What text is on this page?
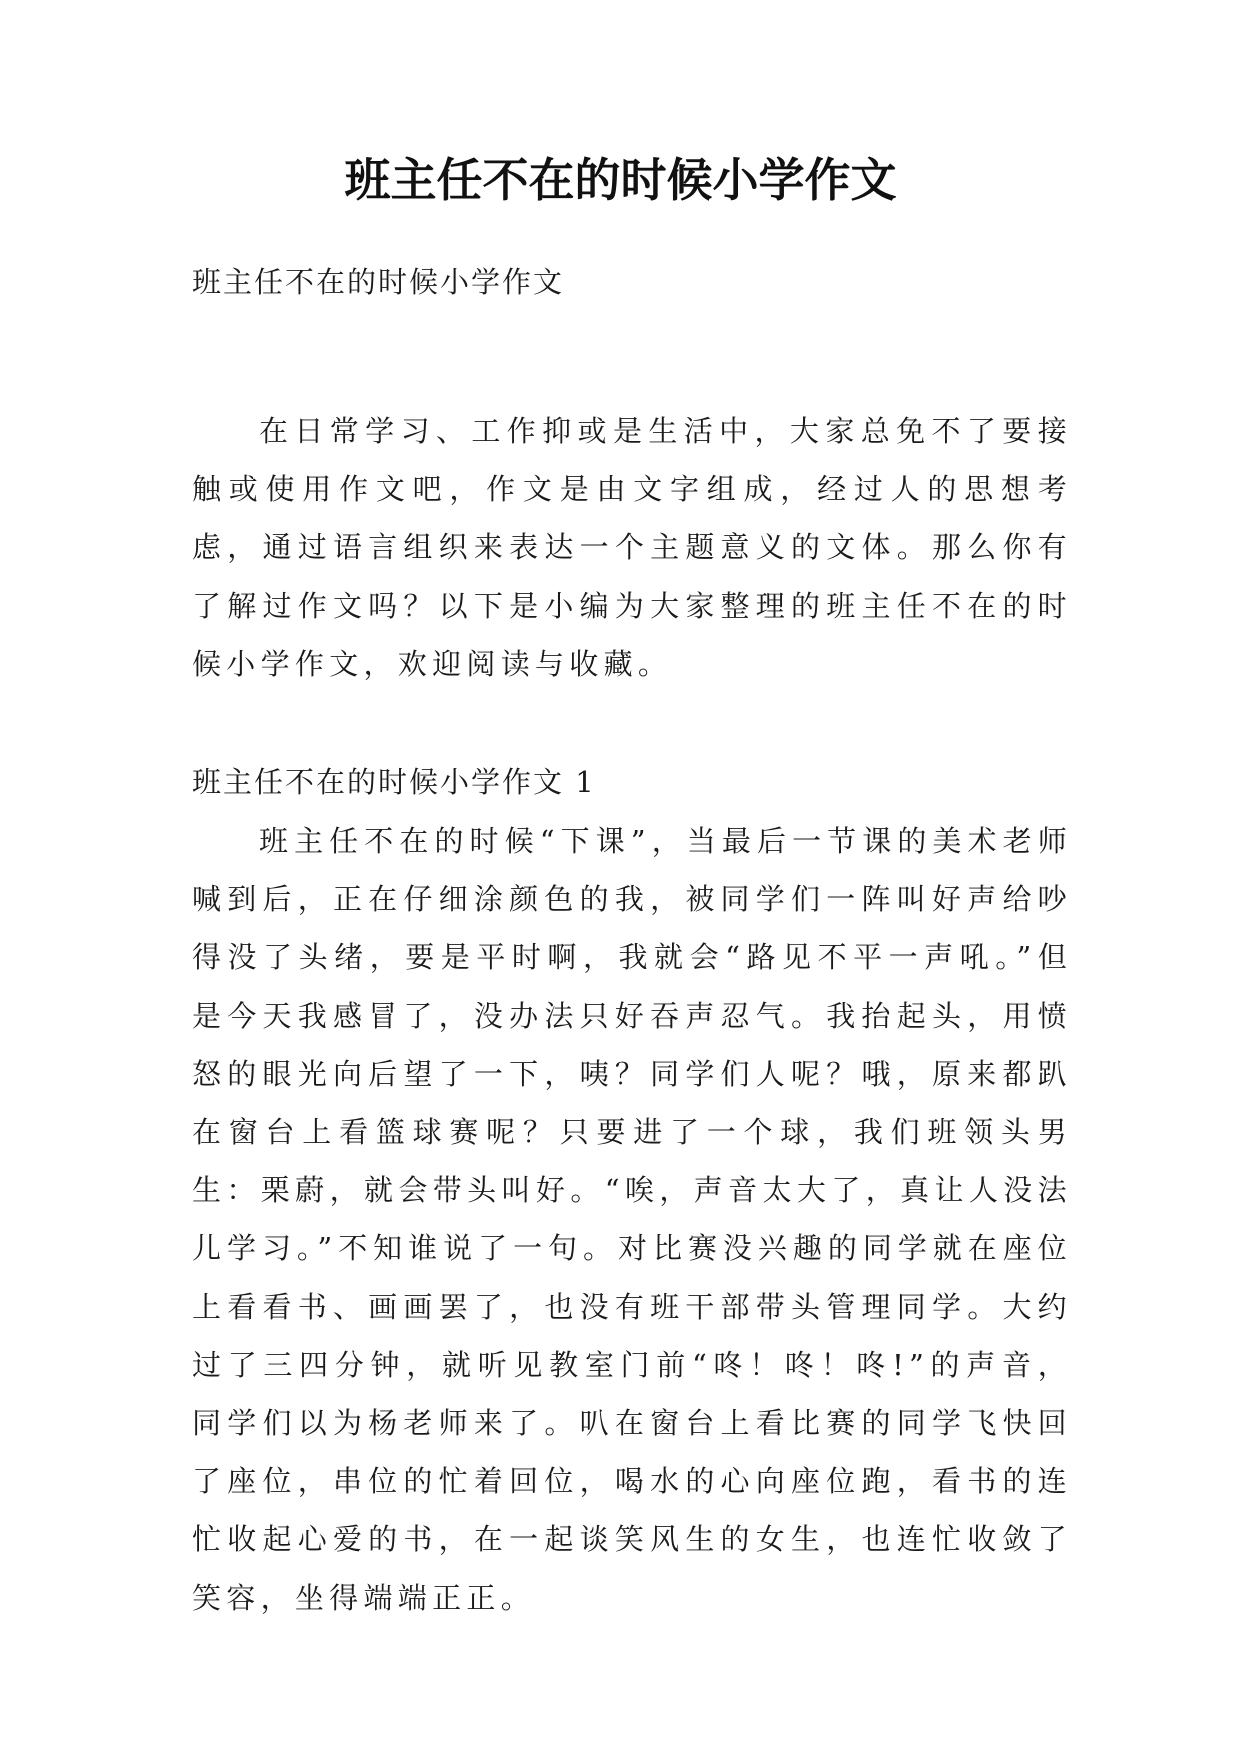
班主任不在的时候小学作文

班主任不在的时候小学作文

在日常学习、工作抑或是生活中，大家总免不了要接触或使用作文吧，作文是由文字组成，经过人的思想考虑，通过语言组织来表达一个主题意义的文体。那么你有了解过作文吗？以下是小编为大家整理的班主任不在的时候小学作文，欢迎阅读与收藏。

班主任不在的时候小学作文 1

班主任不在的时候“下课”，当最后一节课的美术老师喊到后，正在仔细涂颜色的我，被同学们一阵叫好声给吵得没了头绪，要是平时啊，我就会“路见不平一声吼。”但是今天我感冒了，没办法只好吞声忍气。我抬起头，用愤怒的眼光向后望了一下，咦？同学们人呢？哦，原来都趴在窗台上看篮球赛呢？只要进了一个球，我们班领头男生：栗蔚，就会带头叫好。“唉，声音太大了，真让人没法儿学习。”不知谁说了一句。对比赛没兴趣的同学就在座位上看看书、画画罢了，也没有班干部带头管理同学。大约过了三四分钟，就听见教室门前“咚！咚！咚!”的声音，同学们以为杨老师来了。叭在窗台上看比赛的同学飞快回了座位，串位的忙着回位，喝水的心向座位跑，看书的连忙收起心爱的书，在一起谈笑风生的女生，也连忙收敛了笑容，坐得端端正正。
